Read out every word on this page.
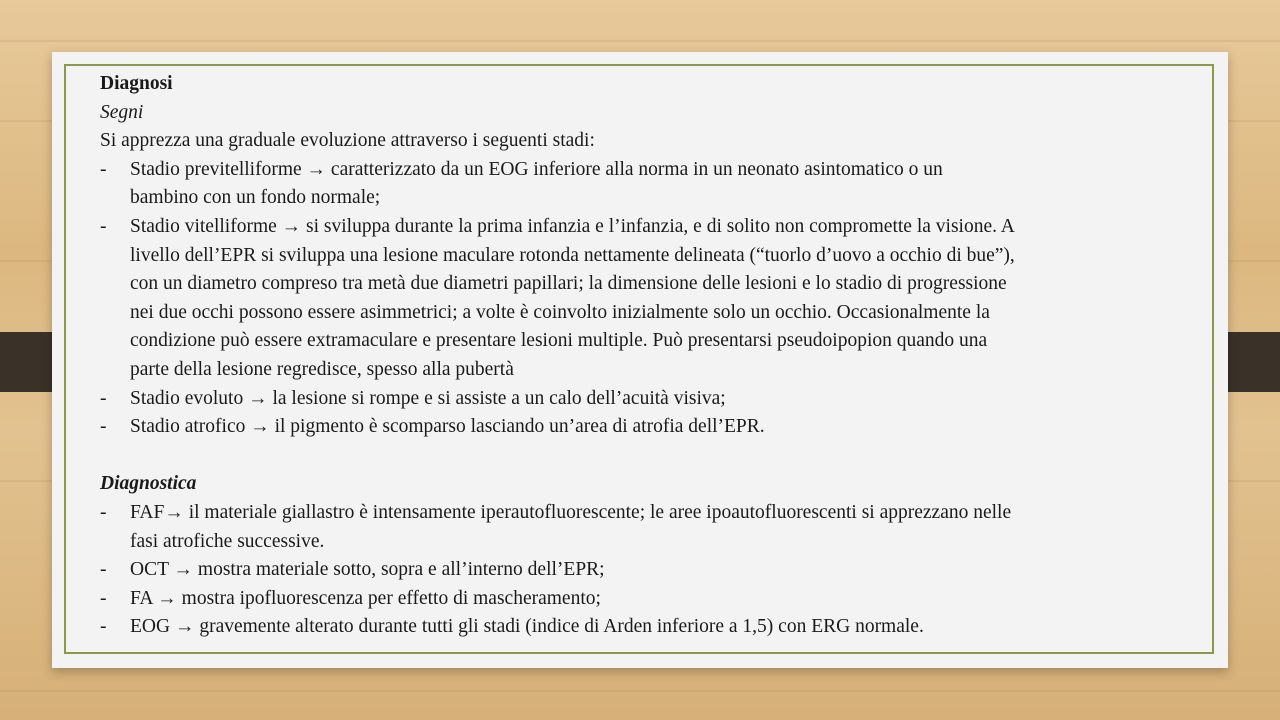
Diagnosi
Segni
Si apprezza una graduale evoluzione attraverso i seguenti stadi:
- Stadio previtelliforme → caratterizzato da un EOG inferiore alla norma in un neonato asintomatico o un
bambino con un fondo normale;
- Stadio vitelliforme → si sviluppa durante la prima infanzia e l’infanzia, e di solito non compromette la visione. A
livello dell’EPR si sviluppa una lesione maculare rotonda nettamente delineata (“tuorlo d’uovo a occhio di bue”),
con un diametro compreso tra metà due diametri papillari; la dimensione delle lesioni e lo stadio di progressione
nei due occhi possono essere asimmetrici; a volte è coinvolto inizialmente solo un occhio. Occasionalmente la
condizione può essere extramaculare e presentare lesioni multiple. Può presentarsi pseudoipopion quando una
parte della lesione regredisce, spesso alla pubertà
- Stadio evoluto → la lesione si rompe e si assiste a un calo dell’acuità visiva;
- Stadio atrofico → il pigmento è scomparso lasciando un’area di atrofia dell’EPR.
Diagnostica
- FAF→ il materiale giallastro è intensamente iperautofluorescente; le aree ipoautofluorescenti si apprezzano nelle
fasi atrofiche successive.
- OCT → mostra materiale sotto, sopra e all’interno dell’EPR;
- FA → mostra ipofluorescenza per effetto di mascheramento;
- EOG → gravemente alterato durante tutti gli stadi (indice di Arden inferiore a 1,5) con ERG normale.
